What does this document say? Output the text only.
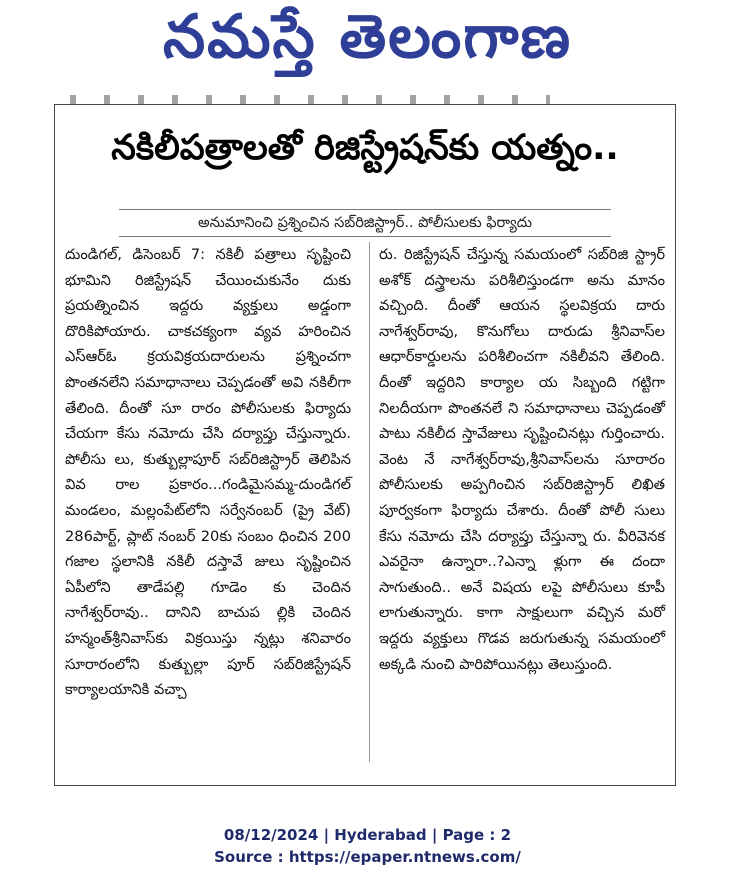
నమస్తే తెలంగాణ
నకిలీపత్రాలతో రిజిస్ట్రేషన్‌కు యత్నం..
అనుమానించి ప్రశ్నించిన సబ్‌రిజిస్ట్రార్.. పోలీసులకు ఫిర్యాదు
దుండిగల్, డిసెంబర్ 7: నకిలీ పత్రాలు సృష్టించి భూమిని రిజిస్ట్రేషన్ చేయించుకునేం దుకు ప్రయత్నించిన ఇద్దరు వ్యక్తులు అడ్డంగా దొరికిపోయారు. చాకచక్యంగా వ్యవ హరించిన ఎస్ఆర్ఓ క్రయవిక్రయదారులను ప్రశ్నించగా పొంతనలేని సమాధానాలు చెప్పడంతో అవి నకిలీగా తేలింది. దీంతో సూ రారం పోలీసులకు ఫిర్యాదు చేయగా కేసు నమోదు చేసి దర్యాప్తు చేస్తున్నారు. పోలీసు లు, కుత్బుల్లాపూర్ సబ్‌రిజిస్ట్రార్ తెలిపిన వివ రాల ప్రకారం...గండిమైసమ్మ-దుండిగల్ మండలం, మల్లంపేట్‌లోని సర్వేనంబర్ (ప్రై వేట్) 286పార్ట్, ప్లాట్ నంబర్ 20కు సంబం ధించిన 200 గజాల స్థలానికి నకిలీ దస్తావే జులు సృష్టించిన ఏపీలోని తాడేపల్లి గూడెం కు చెందిన నాగేశ్వర్‌రావు.. దానిని బాచుప ల్లికి చెందిన హన్మంత్‌శ్రీనివాస్‌కు విక్రయిస్తు న్నట్లు శనివారం సూరారంలోని కుత్బుల్లా పూర్ సబ్‌రిజిస్ట్రేషన్ కార్యాలయానికి వచ్చా
రు. రిజిస్ట్రేషన్ చేస్తున్న సమయంలో సబ్‌రిజి స్ట్రార్ అశోక్ దస్త్రాలను పరిశీలిస్తుండగా అను మానం వచ్చింది. దీంతో ఆయన స్థలవిక్రయ దారు నాగేశ్వర్‌రావు, కొనుగోలు దారుడు శ్రీనివాస్‌ల ఆధార్‌కార్డులను పరిశీలించగా నకిలీవని తేలింది. దీంతో ఇద్దరిని కార్యాల య సిబ్బంది గట్టిగా నిలదీయగా పొంతనలే ని సమాధానాలు చెప్పడంతో పాటు నకిలీద స్తావేజులు సృష్టించినట్లు గుర్తించారు. వెంట నే నాగేశ్వర్‌రావు,శ్రీనివాస్‌లను సూరారం పోలీసులకు అప్పగించిన సబ్‌రిజిస్ట్రార్ లిఖిత పూర్వకంగా ఫిర్యాదు చేశారు. దీంతో పోలీ సులు కేసు నమోదు చేసి దర్యాప్తు చేస్తున్నా రు. వీరివెనక ఎవరైనా ఉన్నారా..?ఎన్నా ళ్లుగా ఈ దందా సాగుతుంది.. అనే విషయ లపై పోలీసులు కూపీ లాగుతున్నారు. కాగా సాక్షులుగా వచ్చిన మరో ఇద్దరు వ్యక్తులు గొడవ జరుగుతున్న సమయంలో అక్కడి నుంచి పారిపోయినట్లు తెలుస్తుంది.
08/12/2024 | Hyderabad | Page : 2
Source : https://epaper.ntnews.com/
